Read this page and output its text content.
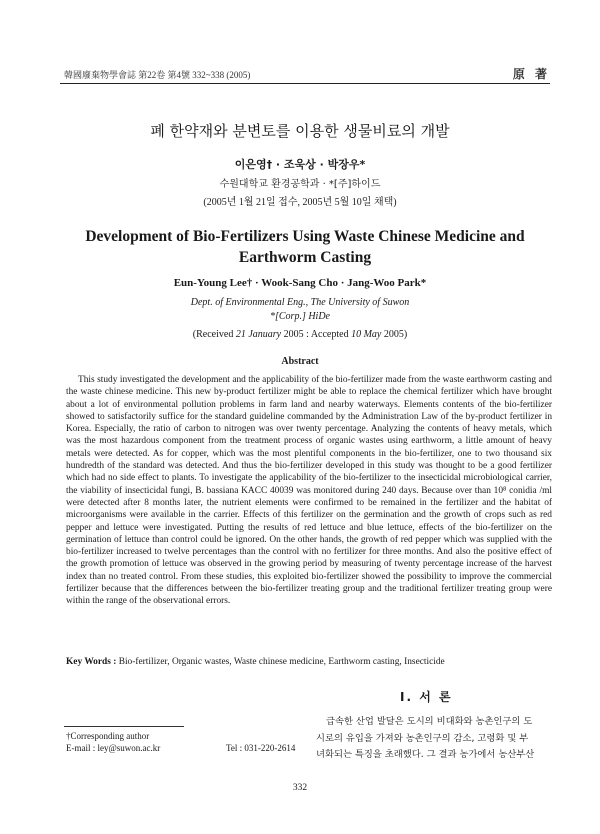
韓國廢棄物學會誌 第22卷 第4號 332~338 (2005)	原 著
폐 한약재와 분변토를 이용한 생물비료의 개발
이은영† · 조욱상 · 박장우*
수원대학교 환경공학과 · *[주]하이드
(2005년 1월 21일 접수, 2005년 5월 10일 채택)
Development of Bio-Fertilizers Using Waste Chinese Medicine and Earthworm Casting
Eun-Young Lee† · Wook-Sang Cho · Jang-Woo Park*
Dept. of Environmental Eng., The University of Suwon
*[Corp.] HiDe
(Received 21 January 2005 : Accepted 10 May 2005)
Abstract
This study investigated the development and the applicability of the bio-fertilizer made from the waste earthworm casting and the waste chinese medicine. This new by-product fertilizer might be able to replace the chemical fertilizer which have brought about a lot of environmental pollution problems in farm land and nearby waterways. Elements contents of the bio-fertilizer showed to satisfactorily suffice for the standard guideline commanded by the Administration Law of the by-product fertilizer in Korea. Especially, the ratio of carbon to nitrogen was over twenty percentage. Analyzing the contents of heavy metals, which was the most hazardous component from the treatment process of organic wastes using earthworm, a little amount of heavy metals were detected. As for copper, which was the most plentiful components in the bio-fertilizer, one to two thousand six hundredth of the standard was detected. And thus the bio-fertilizer developed in this study was thought to be a good fertilizer which had no side effect to plants. To investigate the applicability of the bio-fertilizer to the insecticidal microbiological carrier, the viability of insecticidal fungi, B. bassiana KACC 40039 was monitored during 240 days. Because over than 10⁸ conidia /ml were detected after 8 months later, the nutrient elements were confirmed to be remained in the fertilizer and the habitat of microorganisms were available in the carrier. Effects of this fertilizer on the germination and the growth of crops such as red pepper and lettuce were investigated. Putting the results of red lettuce and blue lettuce, effects of the bio-fertilizer on the germination of lettuce than control could be ignored. On the other hands, the growth of red pepper which was supplied with the bio-fertilizer increased to twelve percentages than the control with no fertilizer for three months. And also the positive effect of the growth promotion of lettuce was observed in the growing period by measuring of twenty percentage increase of the harvest index than no treated control. From these studies, this exploited bio-fertilizer showed the possibility to improve the commercial fertilizer because that the differences between the bio-fertilizer treating group and the traditional fertilizer treating group were within the range of the observational errors.
Key Words : Bio-fertilizer, Organic wastes, Waste chinese medicine, Earthworm casting, Insecticide
I. 서 론
급속한 산업 발달은 도시의 비대화와 농촌인구의 도
시로의 유입을 가져와 농촌인구의 감소, 고령화 및 부
녀화되는 특징을 초래했다. 그 결과 농가에서 농산부산
†Corresponding author
E-mail : ley@suwon.ac.kr	Tel : 031-220-2614
332
